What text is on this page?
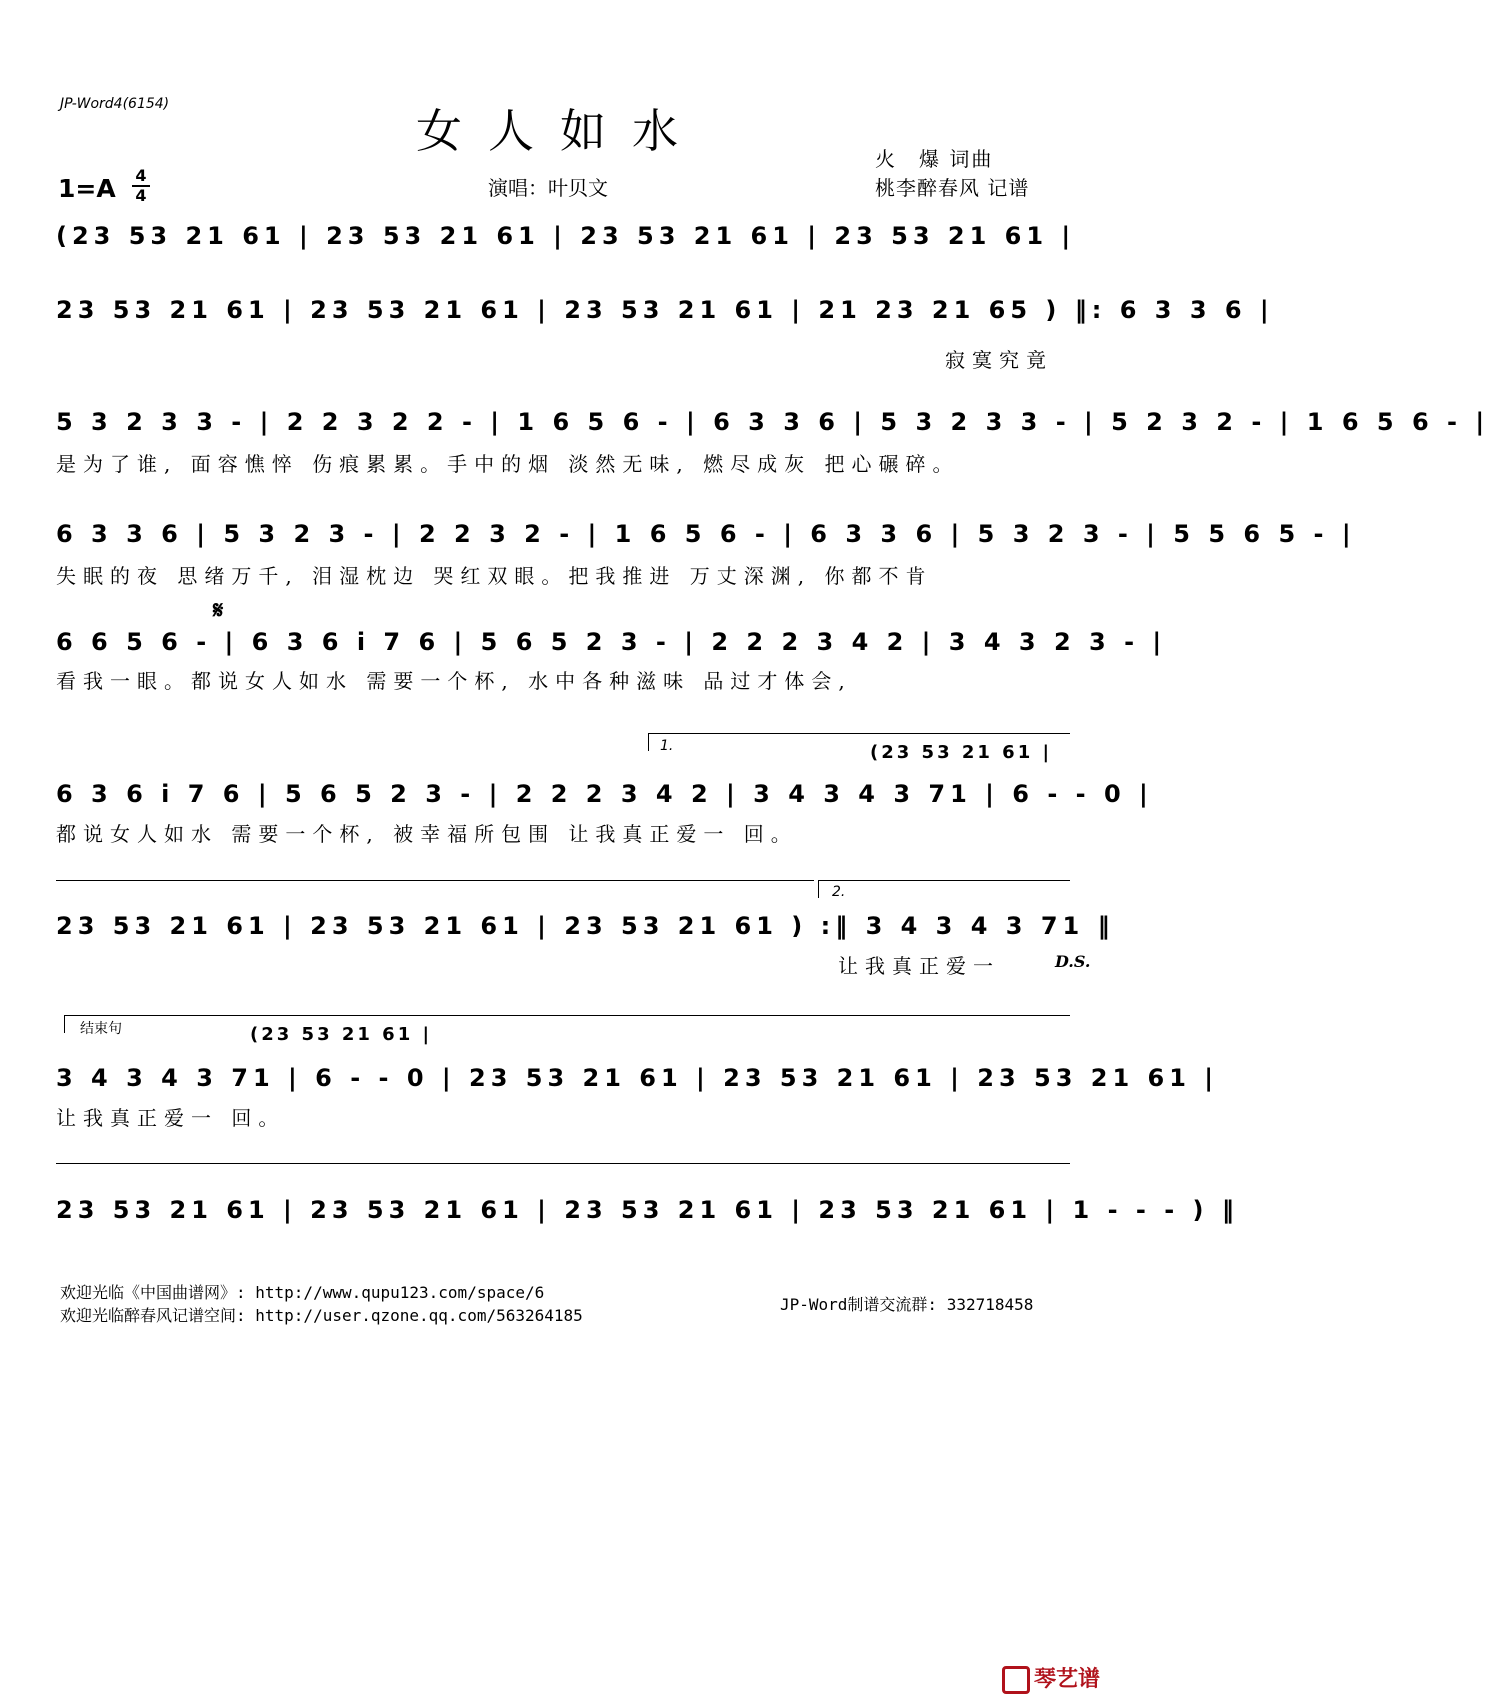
JP-Word4(6154)	女人如水
火　爆 词曲
桃李醉春风 记谱
演唱：叶贝文
1=A 4
4
(23 53 21 61 | 23 53 21 61 | 23 53 21 61 | 23 53 21 61 |
23 53 21 61 | 23 53 21 61 | 23 53 21 61 | 21 23 21 65 ) ‖: 6 3 3 6 |
寂寞究竟
5 3 2 3 3 - | 2 2 3 2 2 - | 1 6 5 6 - | 6 3 3 6 | 5 3 2 3 3 - | 5 2 3 2 - | 1 6 5 6 - |
是为了谁, 面容憔悴 伤痕累累。手中的烟 淡然无味, 燃尽成灰 把心碾碎。
6 3 3 6 | 5 3 2 3 - | 2 2 3 2 - | 1 6 5 6 - | 6 3 3 6 | 5 3 2 3 - | 5 5 6 5 - |
失眠的夜 思绪万千, 泪湿枕边 哭红双眼。把我推进 万丈深渊, 你都不肯
𝄋
6 6 5 6 - | 6 3 6 i 7 6 | 5 6 5 2 3 - | 2 2 2 3 4 2 | 3 4 3 2 3 - |
看我一眼。都说女人如水 需要一个杯, 水中各种滋味 品过才体会,
1.	(23 53 21 61 |
6 3 6 i 7 6 | 5 6 5 2 3 - | 2 2 2 3 4 2 | 3 4 3 4 3 71 | 6 - - 0 |
都说女人如水 需要一个杯, 被幸福所包围 让我真正爱一 回。
2.
23 53 21 61 | 23 53 21 61 | 23 53 21 61 ) :‖ 3 4 3 4 3 71 ‖
让我真正爱一	D.S.
结束句	(23 53 21 61 |
3 4 3 4 3 71 | 6 - - 0 | 23 53 21 61 | 23 53 21 61 | 23 53 21 61 |
让我真正爱一 回。
23 53 21 61 | 23 53 21 61 | 23 53 21 61 | 23 53 21 61 | 1 - - - ) ‖
欢迎光临《中国曲谱网》: http://www.qupu123.com/space/6
欢迎光临醉春风记谱空间: http://user.qzone.qq.com/563264185
JP-Word制谱交流群: 332718458
琴艺谱
